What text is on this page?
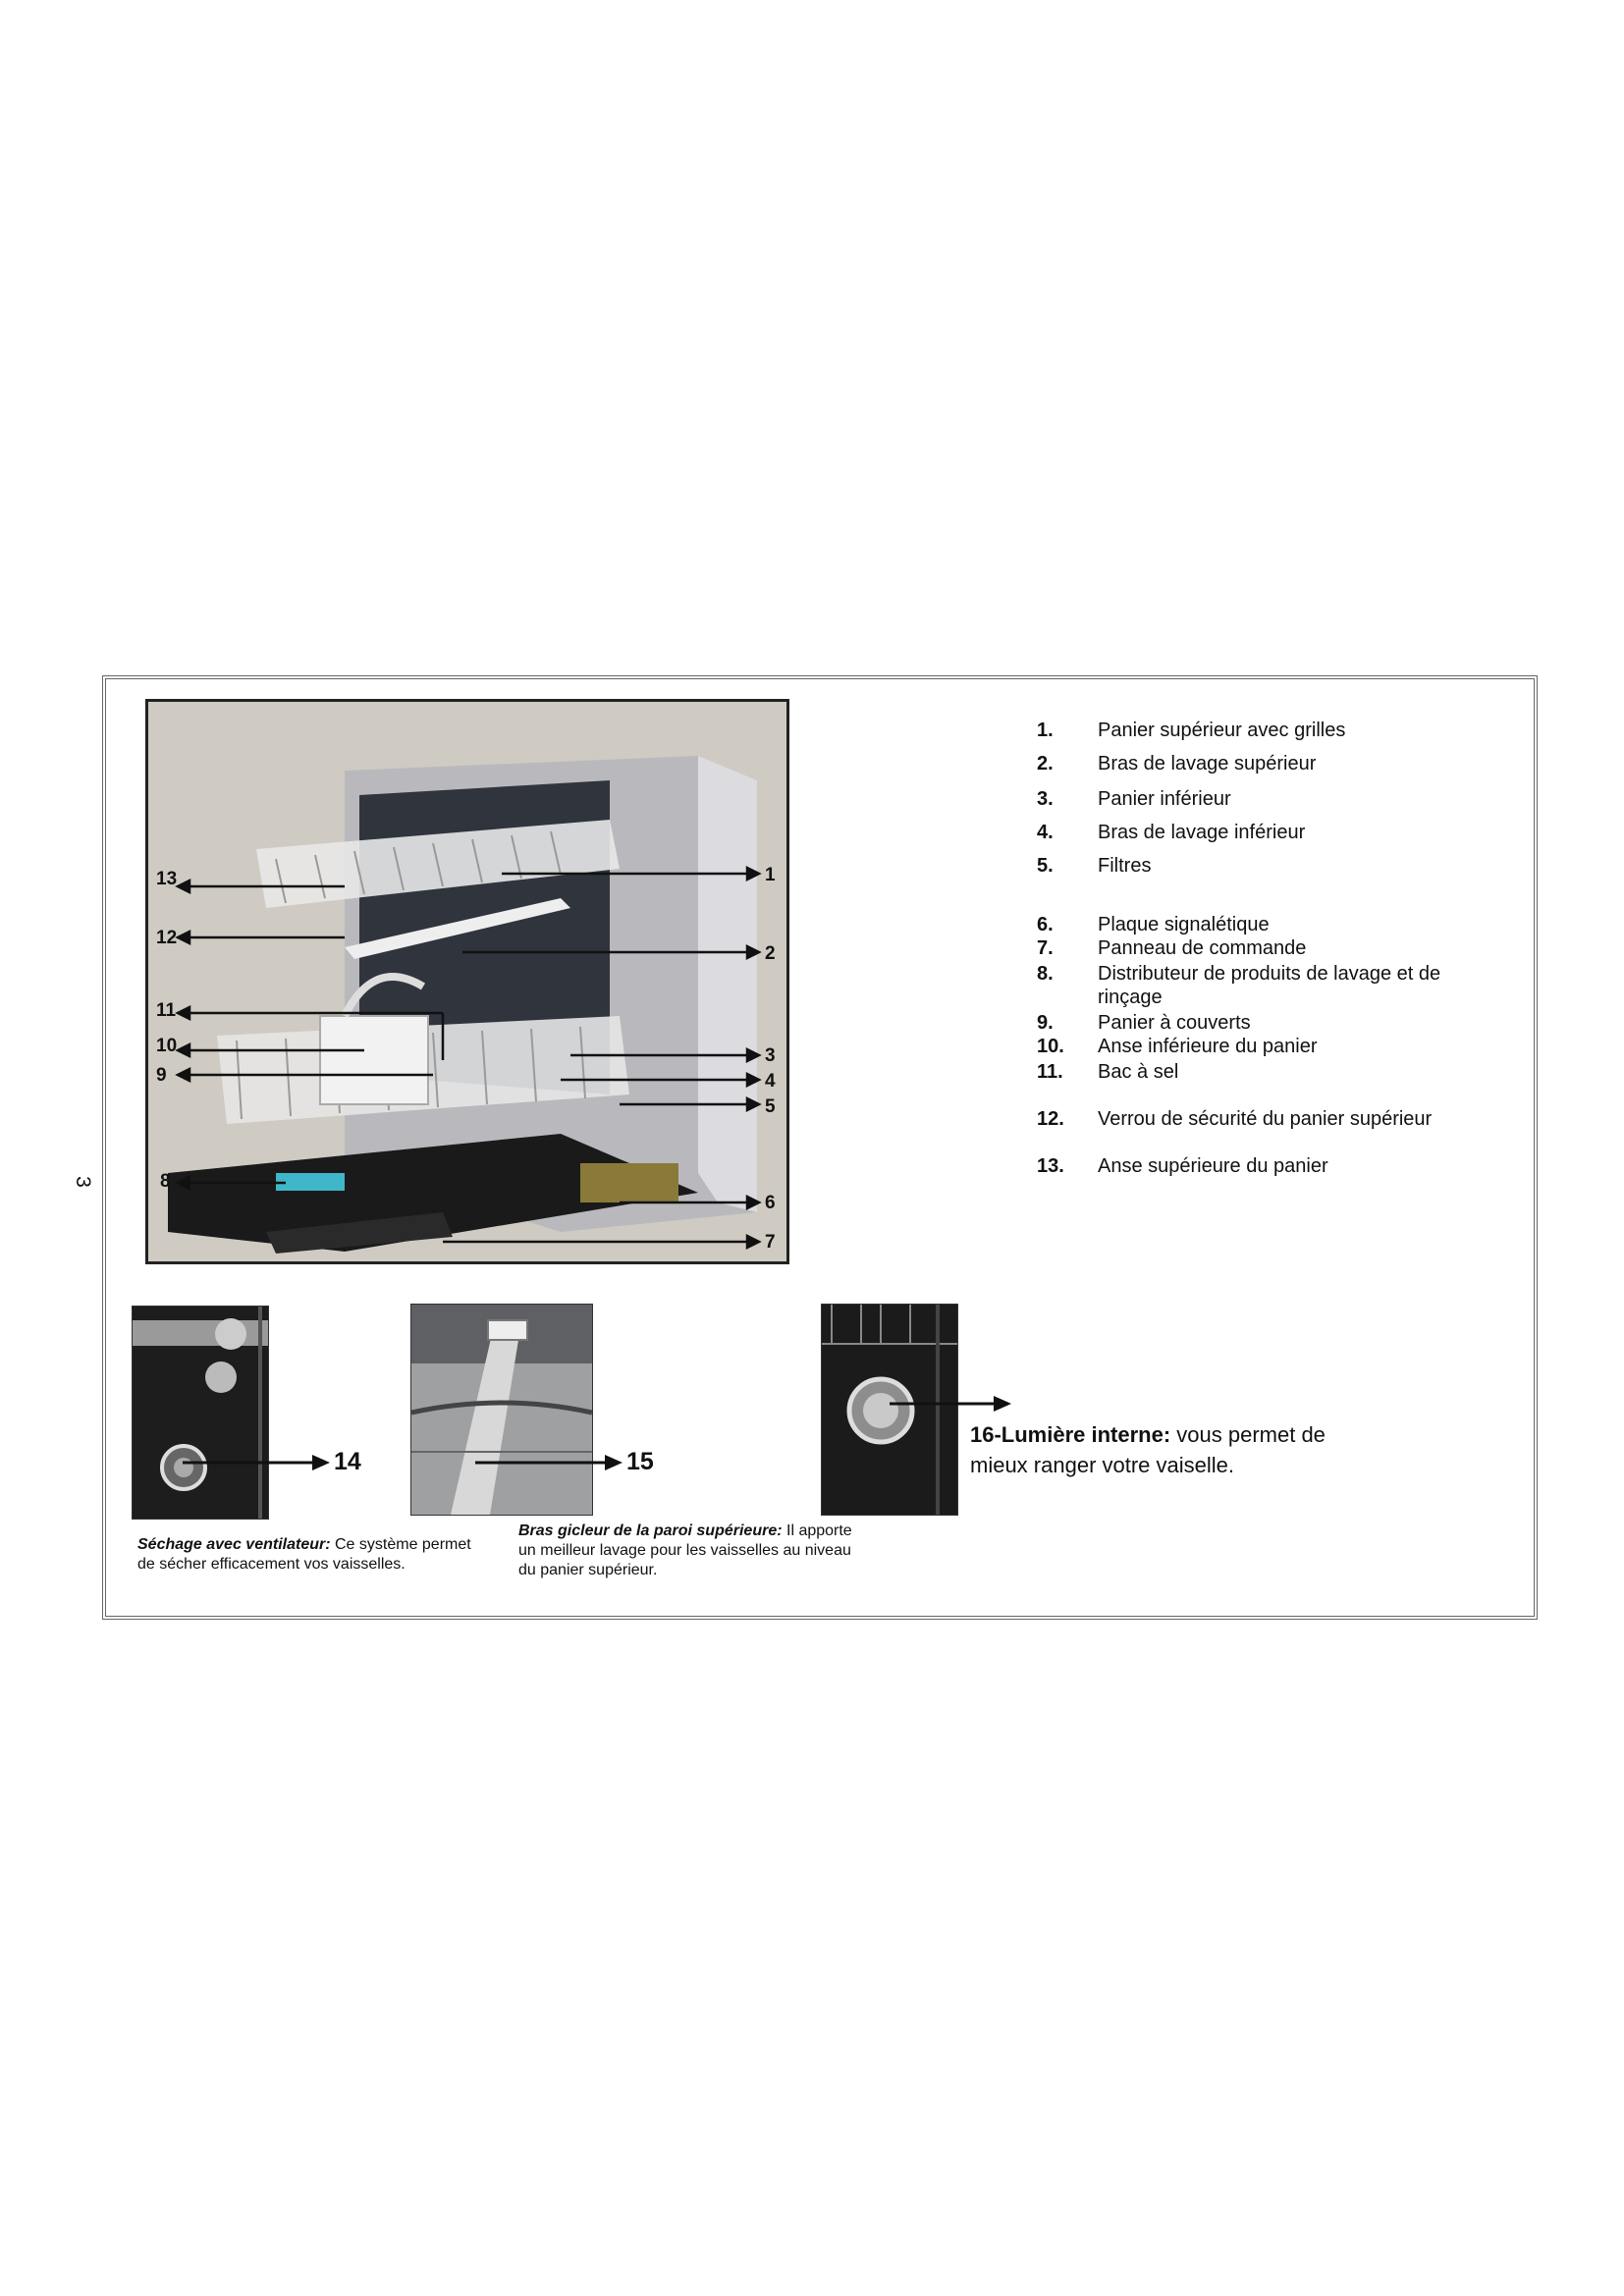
3
13
12
11
10
9
8
1
2
3
4
5
6
7
1.	Panier supérieur avec grilles
2.	Bras de lavage supérieur
3.	Panier inférieur
4.	Bras de lavage inférieur
5.	Filtres
6.	Plaque signalétique
7.	Panneau de commande
8.	Distributeur de produits de lavage et de rinçage
9.	Panier à couverts
10.	Anse inférieure du panier
11.	Bac à sel
12.	Verrou de sécurité du panier supérieur
13.	Anse supérieure du panier
14
Séchage avec ventilateur: Ce système permet de sécher efficacement vos vaisselles.
15
Bras gicleur de la paroi supérieure: Il apporte un meilleur lavage pour les vaisselles au niveau du panier supérieur.
16-Lumière interne: vous permet de mieux ranger votre vaiselle.
